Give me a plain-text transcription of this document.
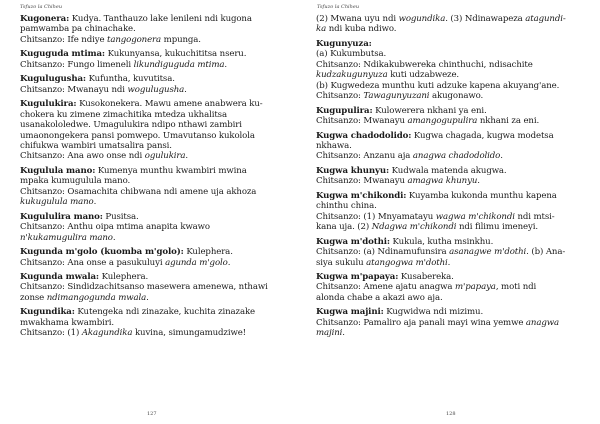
Tsfuzo la Chiheu

Kugonera: Kudya. Tanthauzo lake lenileni ndi kugona

pamwamba pa chinachake.

Chitsanzo: Ife ndiye tangogonera mpunga.

Kuguguda mtima: Kukunyansa, kukuchititsa nseru.

Chitsanzo: Fungo limeneli likundiguguda mtima.

Kugulugusha: Kufuntha, kuvutitsa.

Chitsanzo: Mwanayu ndi wogulugusha.

Kugulukira: Kusokonekera. Mawu amene anabwera ku-

chokera ku zimene zimachitika mtedza ukhalitsa

usanakololedwe. Umagulukira ndipo nthawi zambiri

umaonongekera pansi pomwepo. Umavutanso kukolola

chifukwa wambiri umatsalira pansi.

Chitsanzo: Ana awo onse ndi ogulukira.

Kugulula mano: Kumenya munthu kwambiri mwina

mpaka kumugulula mano.

Chitsanzo: Osamachita chibwana ndi amene uja akhoza

kukugulula mano.

Kugululira mano: Pusitsa.

Chitsanzo: Anthu oipa mtima anapita kwawo

n'kukamugulira mano.

Kugunda m'golo (kuomba m'golo): Kulephera.

Chitsanzo: Ana onse a pasukuluyi agunda m'golo.

Kugunda mwala: Kulephera.

Chitsanzo: Sindidzachitsanso masewera amenewa, nthawi

zonse ndimangogunda mwala.

Kugundika: Kutengeka ndi zinazake, kuchita zinazake

mwakhama kwambiri.

Chitsanzo: (1) Akagundika kuvina, simungamudziwe!

127
Tsfuzo la Chiheu

(2) Mwana uyu ndi wogundika. (3) Ndinawapeza atagundi-

ka ndi kuba ndiwo.

Kugunyuza:

(a) Kukumbutsa.

Chitsanzo: Ndikakubwereka chinthuchi, ndisachite

kudzakugunyuza kuti udzabweze.

(b) Kugwedeza munthu kuti adzuke kapena akuyang'ane.

Chitsanzo: Tawagunyuzani akugonawo.

Kugupulira: Kulowerera nkhani ya eni.

Chitsanzo: Mwanayu amangogupulira nkhani za eni.

Kugwa chadodolido: Kugwa chagada, kugwa modetsa

nkhawa.

Chitsanzo: Anzanu aja anagwa chadodolido.

Kugwa khunyu: Kudwala matenda akugwa.

Chitsanzo: Mwanayu amagwa khunyu.

Kugwa m'chikondi: Kuyamba kukonda munthu kapena

chinthu china.

Chitsanzo: (1) Mnyamatayu wagwa m'chikondi ndi mtsi-

kana uja. (2) Ndagwa m'chikondi ndi filimu imeneyi.

Kugwa m'dothi: Kukula, kutha msinkhu.

Chitsanzo: (a) Ndinamufunsira asanagwe m'dothi. (b) Ana-

siya sukulu atangogwa m'dothi.

Kugwa m'papaya: Kusabereka.

Chitsanzo: Amene ajatu anagwa m'papaya, moti ndi

alonda chabe a akazi awo aja.

Kugwa majini: Kugwidwa ndi mizimu.

Chitsanzo: Pamaliro aja panali mayi wina yemwe anagwa

majini.

128
